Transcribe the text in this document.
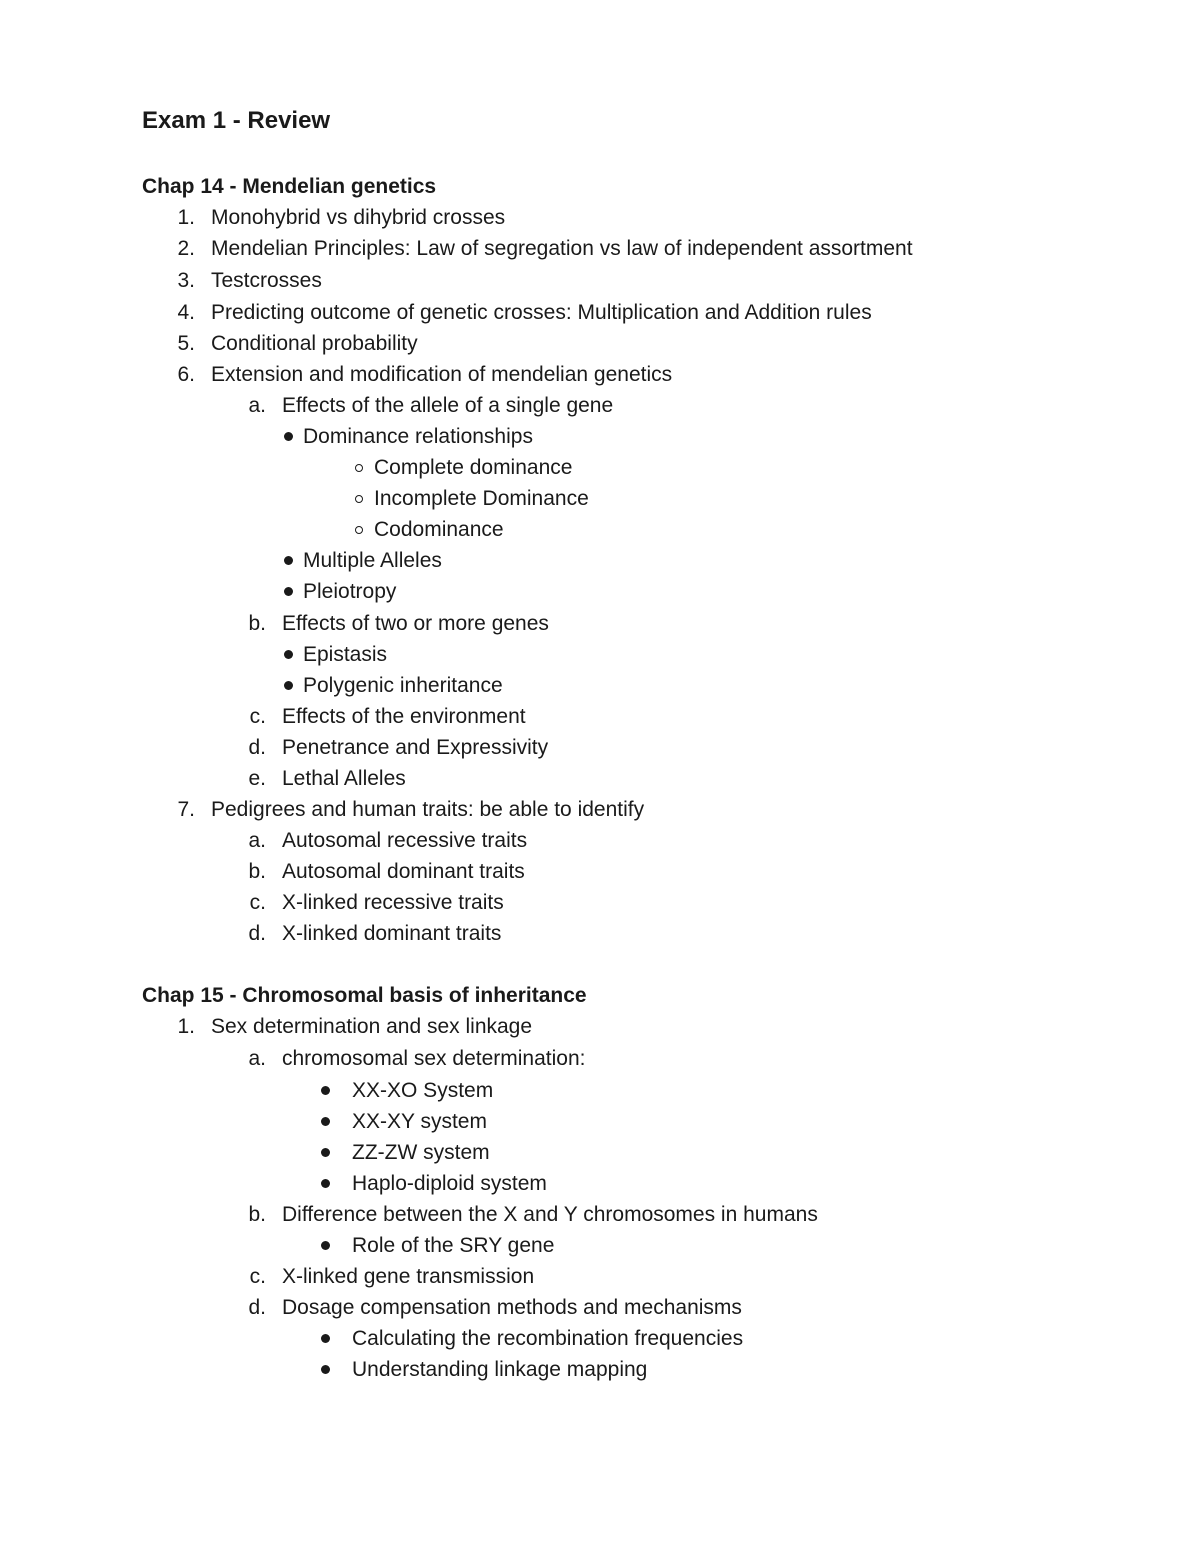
Exam 1 - Review
Chap 14 - Mendelian genetics
1. Monohybrid vs dihybrid crosses
2. Mendelian Principles: Law of segregation vs law of independent assortment
3. Testcrosses
4. Predicting outcome of genetic crosses: Multiplication and Addition rules
5. Conditional probability
6. Extension and modification of mendelian genetics
a. Effects of the allele of a single gene
Dominance relationships
Complete dominance
Incomplete Dominance
Codominance
Multiple Alleles
Pleiotropy
b. Effects of two or more genes
Epistasis
Polygenic inheritance
c. Effects of the environment
d. Penetrance and Expressivity
e. Lethal Alleles
7. Pedigrees and human traits: be able to identify
a. Autosomal recessive traits
b. Autosomal dominant traits
c. X-linked recessive traits
d. X-linked dominant traits
Chap 15 - Chromosomal basis of inheritance
1. Sex determination and sex linkage
a. chromosomal sex determination:
XX-XO System
XX-XY system
ZZ-ZW system
Haplo-diploid system
b. Difference between the X and Y chromosomes in humans
Role of the SRY gene
c. X-linked gene transmission
d. Dosage compensation methods and mechanisms
Calculating the recombination frequencies
Understanding linkage mapping
